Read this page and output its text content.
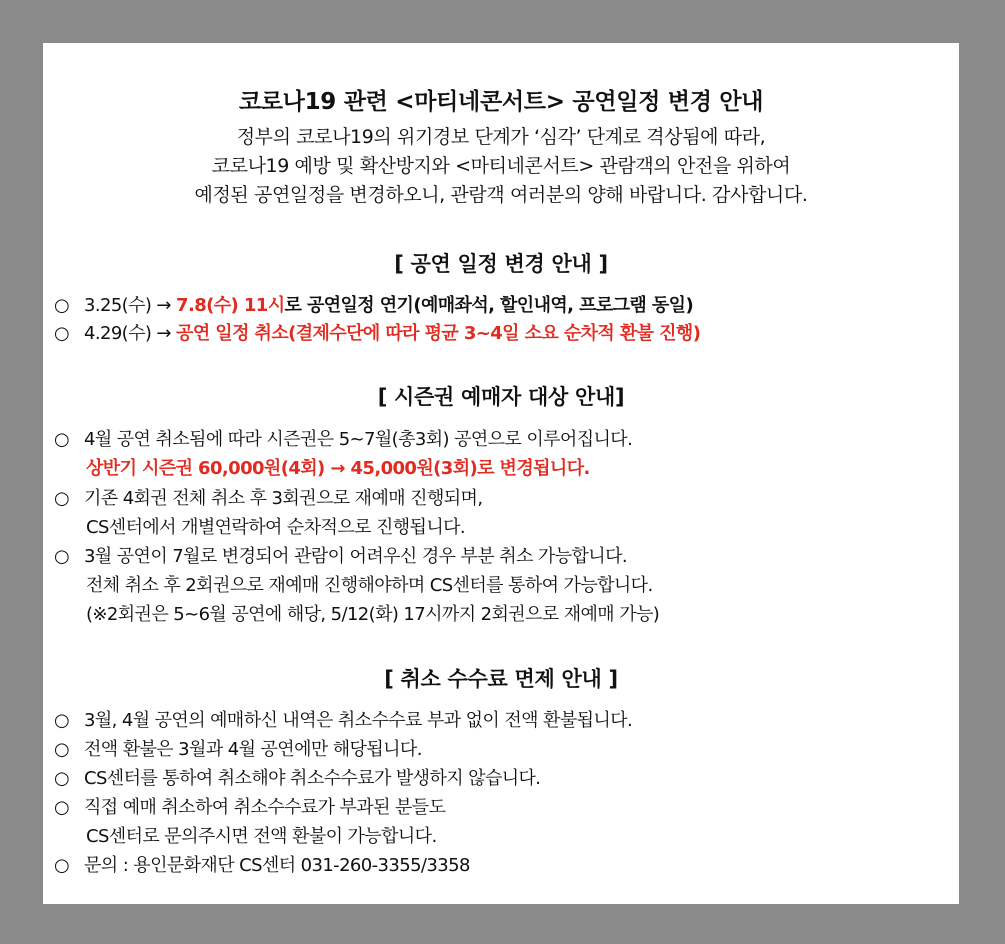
코로나19 관련 <마티네콘서트> 공연일정 변경 안내
정부의 코로나19의 위기경보 단계가 ‘심각’ 단계로 격상됨에 따라,
코로나19 예방 및 확산방지와 <마티네콘서트> 관람객의 안전을 위하여
예정된 공연일정을 변경하오니, 관람객 여러분의 양해 바랍니다. 감사합니다.
[ 공연 일정 변경 안내 ]
○ 3.25(수) → 7.8(수) 11시로 공연일정 연기(예매좌석, 할인내역, 프로그램 동일)
○ 4.29(수) → 공연 일정 취소(결제수단에 따라 평균 3~4일 소요 순차적 환불 진행)
[ 시즌권 예매자 대상 안내]
○ 4월 공연 취소됨에 따라 시즌권은 5~7월(총3회) 공연으로 이루어집니다.
상반기 시즌권 60,000원(4회) → 45,000원(3회)로 변경됩니다.
○ 기존 4회권 전체 취소 후 3회권으로 재예매 진행되며,
CS센터에서 개별연락하여 순차적으로 진행됩니다.
○ 3월 공연이 7월로 변경되어 관람이 어려우신 경우 부분 취소 가능합니다.
전체 취소 후 2회권으로 재예매 진행해야하며 CS센터를 통하여 가능합니다.
(※2회권은 5~6월 공연에 해당, 5/12(화) 17시까지 2회권으로 재예매 가능)
[ 취소 수수료 면제 안내 ]
○ 3월, 4월 공연의 예매하신 내역은 취소수수료 부과 없이 전액 환불됩니다.
○ 전액 환불은 3월과 4월 공연에만 해당됩니다.
○ CS센터를 통하여 취소해야 취소수수료가 발생하지 않습니다.
○ 직접 예매 취소하여 취소수수료가 부과된 분들도
CS센터로 문의주시면 전액 환불이 가능합니다.
○ 문의 : 용인문화재단 CS센터 031-260-3355/3358
